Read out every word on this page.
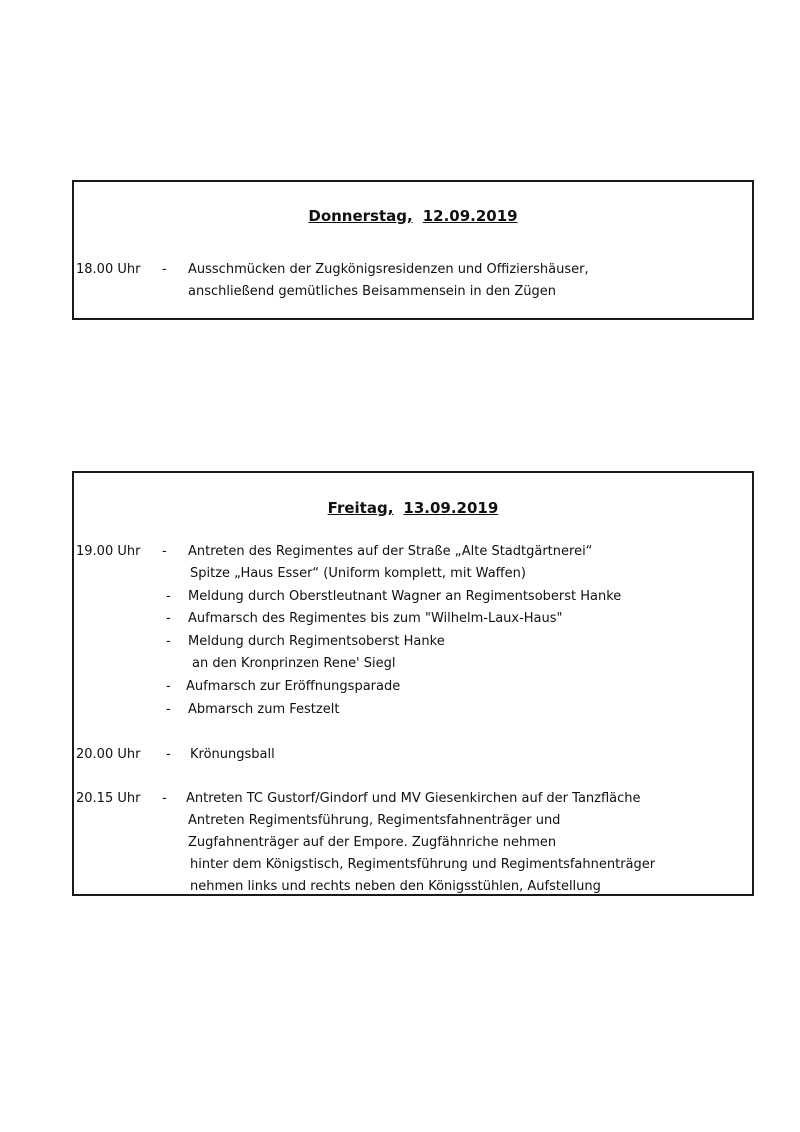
Donnerstag, 12.09.2019
18.00 Uhr - Ausschmücken der Zugkönigsresidenzen und Offiziershäuser,
anschließend gemütliches Beisammensein in den Zügen
Freitag, 13.09.2019
19.00 Uhr - Antreten des Regimentes auf der Straße „Alte Stadtgärtnerei“
Spitze „Haus Esser“ (Uniform komplett, mit Waffen)
- Meldung durch Oberstleutnant Wagner an Regimentsoberst Hanke
- Aufmarsch des Regimentes bis zum "Wilhelm-Laux-Haus"
- Meldung durch Regimentsoberst Hanke
an den Kronprinzen Rene' Siegl
- Aufmarsch zur Eröffnungsparade
- Abmarsch zum Festzelt
20.00 Uhr - Krönungsball
20.15 Uhr - Antreten TC Gustorf/Gindorf und MV Giesenkirchen auf der Tanzfläche
Antreten Regimentsführung, Regimentsfahnenträger und
Zugfahnenträger auf der Empore. Zugfähnriche nehmen
hinter dem Königstisch, Regimentsführung und Regimentsfahnenträger
nehmen links und rechts neben den Königsstühlen, Aufstellung
